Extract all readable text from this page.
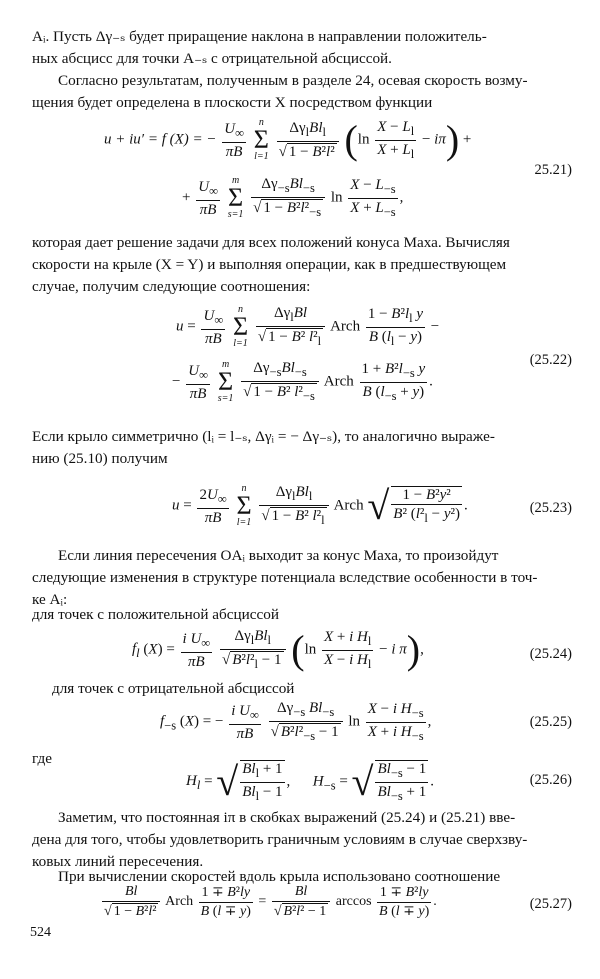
Aᵢ. Пусть Δγ₋ₛ будет приращение наклона в направлении положитель-
ных абсцисс для точки A₋ₛ с отрицательной абсциссой.
Согласно результатам, полученным в разделе 24, осевая скорость возму-
щения будет определена в плоскости X посредством функции
u + iu′ = f (X) = − $\frac{U_\infty}{\pi B}$
	n
Σ
l=1
$\frac{\Delta\gamma_lBl_l}{\text{√ 1 − B²l²}} (\ln \frac{X - L_l}{X + L_l} - i\pi)$ +
+ $\frac{U_\infty}{\pi B}$
	m
Σ
s=1
$\frac{\Delta\gamma_{-s}Bl_{-s}}{√ 1 - B^2l^2_{-s}}$ $\ln \frac{X - L_{-s}}{X + L_{-s}}$ ,
25.21)
которая дает решение задачи для всех положений конуса Маха. Вычисляя
скорости на крыле (X = Y) и выполняя операции, как в предшествующем
случае, получим следующие соотношения:
$u = \frac{U_\infty}{\pi B}$
	n
Σ
l=1
$\frac{\Delta\gamma_lBl}{√ 1 - B^2 l^2_l}$ Arch $\frac{1 - B^2l_l y}{B (l_l - y)}$ −
− $\frac{U_\infty}{\pi B}$
	m
Σ
s=1
$\frac{\Delta\gamma_{-s}Bl_{-s}}{√ 1 - B^2 l^2_{-s}}$ Arch $\frac{1 + B^2l_{-s} y}{B (l_{-s} + y)}$ .
(25.22)
Если крыло симметрично (lᵢ = l₋ₛ, Δγᵢ = − Δγ₋ₛ), то аналогично выраже-
нию (25.10) получим
$u = \frac{2U_\infty}{\pi B}$
	n
Σ
l=1
$\frac{\Delta\gamma_lBl_l}{√ 1 - B^2 l^2_l}$ Arch √ $\frac{\text{1 − B²y²}}{B^2 (l^2_l - y^2)}$ .	(25.23)
Если линия пересечения OAᵢ выходит за конус Маха, то произойдут
следующие изменения в структуре потенциала вследствие особенности в точ-
ке Aᵢ:
для точек с положительной абсциссой
$f_l$ $(X) = \frac{i U_\infty}{\pi B}$
$\frac{\Delta\gamma_lBl_l}{√ B^2l^2_l - 1} (\ln \frac{X + i H_l}{X - i H_l} - i$ π),	(25.24)
для точек с отрицательной абсциссой
$f_{-s}$ (X) = − $\frac{i U_\infty}{\pi B}$
$\frac{\Delta\gamma_{-s} Bl_{-s}}{√ B^2l^2_{-s} - 1}$ $\ln \frac{X - i H_{-s}}{X + i H_{-s}}$ ,	(25.25)
где
$H_l$ = √ $\frac{Bl_l + 1}{Bl_l - 1}$ ,      $H_{-s}$ = √ $\frac{Bl_{-s} - 1}{Bl_{-s} + 1}$ .	(25.26)
Заметим, что постоянная iπ в скобках выражений (25.24) и (25.21) вве-
дена для того, чтобы удовлетворить граничным условиям в случае сверхзву-
ковых линий пересечения.
При вычислении скоростей вдоль крыла использовано соотношение
$\frac{Bl}{\text{√ 1 − B²l²}}$ Arch $\frac{\text{1 ∓ B²ly}}{B (l \mp y)} = \frac{Bl}{\text{√ B²l² − 1}}$ $\arccos \frac{\text{1 ∓ B²ly}}{B (l \mp y)}$ .	(25.27)
524
